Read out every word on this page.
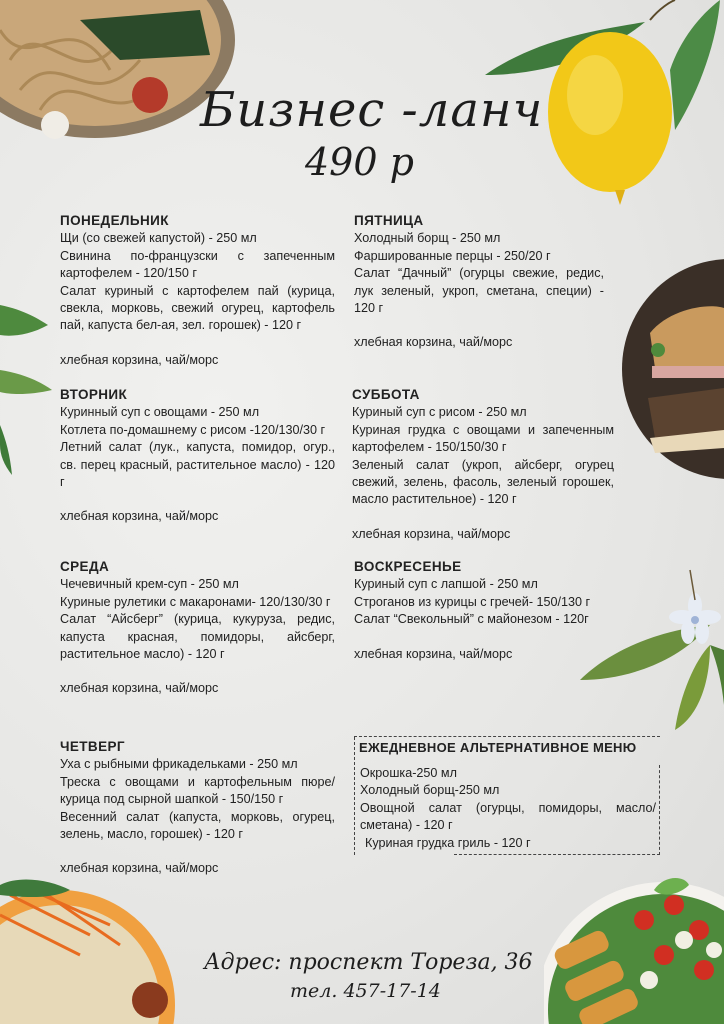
Бизнес -ланч
490 р
ПОНЕДЕЛЬНИК
Щи (со свежей капустой) - 250 мл
Свинина по-французски с запеченным картофелем - 120/150 г
Салат куриный с картофелем пай (курица, свекла, морковь, свежий огурец, картофель пай, капуста бел-ая, зел. горошек) - 120 г
хлебная корзина, чай/морс
ВТОРНИК
Куринный суп с овощами - 250 мл
Котлета по-домашнему с рисом -120/130/30 г
Летний салат (лук., капуста, помидор, огур., св. перец красный, растительное масло) - 120 г
хлебная корзина, чай/морс
СРЕДА
Чечевичный крем-суп - 250 мл
Куриные рулетики с макаронами- 120/130/30 г
Салат “Айсберг” (курица, кукуруза, редис, капуста красная, помидоры, айсберг, растительное масло) - 120 г
хлебная корзина, чай/морс
ЧЕТВЕРГ
Уха с рыбными фрикадельками - 250 мл
Треска с овощами и картофельным пюре/ курица под сырной шапкой - 150/150 г
Весенний салат (капуста, морковь, огурец, зелень, масло, горошек) - 120 г
хлебная корзина, чай/морс
ПЯТНИЦА
Холодный борщ - 250 мл
Фаршированные перцы - 250/20 г
Салат “Дачный” (огурцы свежие, редис, лук зеленый, укроп, сметана, специи) - 120 г
хлебная корзина, чай/морс
СУББОТА
Куриный суп с рисом - 250 мл
Куриная грудка с овощами и запеченным картофелем - 150/150/30 г
Зеленый салат (укроп, айсберг, огурец свежий, зелень, фасоль, зеленый горошек, масло растительное) - 120 г
хлебная корзина, чай/морс
ВОСКРЕСЕНЬЕ
Куриный суп с лапшой - 250 мл
Строганов из курицы с гречей- 150/130 г
Салат “Свекольный” с майонезом - 120г
хлебная корзина, чай/морс
ЕЖЕДНЕВНОЕ АЛЬТЕРНАТИВНОЕ МЕНЮ
Окрошка-250 мл
Холодный борщ-250 мл
Овощной салат (огурцы, помидоры, масло/ сметана) - 120 г
Куриная грудка гриль - 120 г
Адрес: проспект Тореза, 36
тел. 457-17-14
